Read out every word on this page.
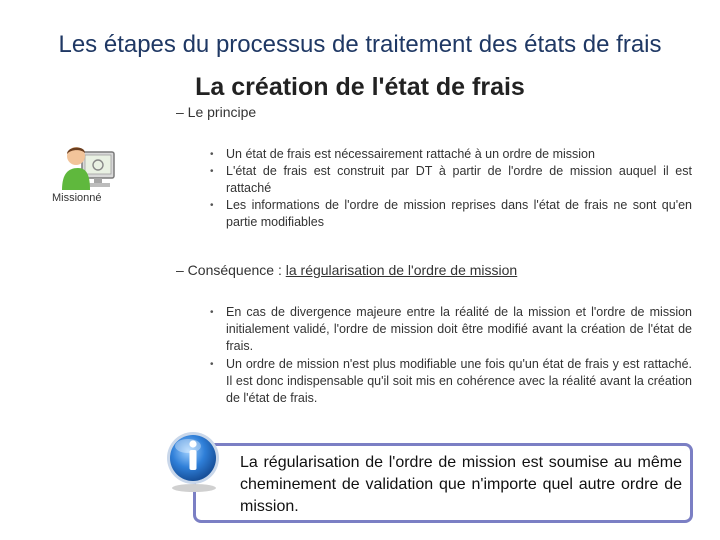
Les étapes du processus de traitement des états de frais
La création de l'état de frais
– Le principe
Missionné
• Un état de frais est nécessairement rattaché à un ordre de mission
• L'état de frais est construit par DT à partir de l'ordre de mission auquel il est rattaché
• Les informations de l'ordre de mission reprises dans l'état de frais ne sont qu'en partie modifiables
– Conséquence : la régularisation de l'ordre de mission
• En cas de divergence majeure entre la réalité de la mission et l'ordre de mission initialement validé, l'ordre de mission doit être modifié avant la création de l'état de frais.
• Un ordre de mission n'est plus modifiable une fois qu'un état de frais y est rattaché. Il est donc indispensable qu'il soit mis en cohérence avec la réalité avant la création de l'état de frais.
La régularisation de l'ordre de mission est soumise au même cheminement de validation que n'importe quel autre ordre de mission.
